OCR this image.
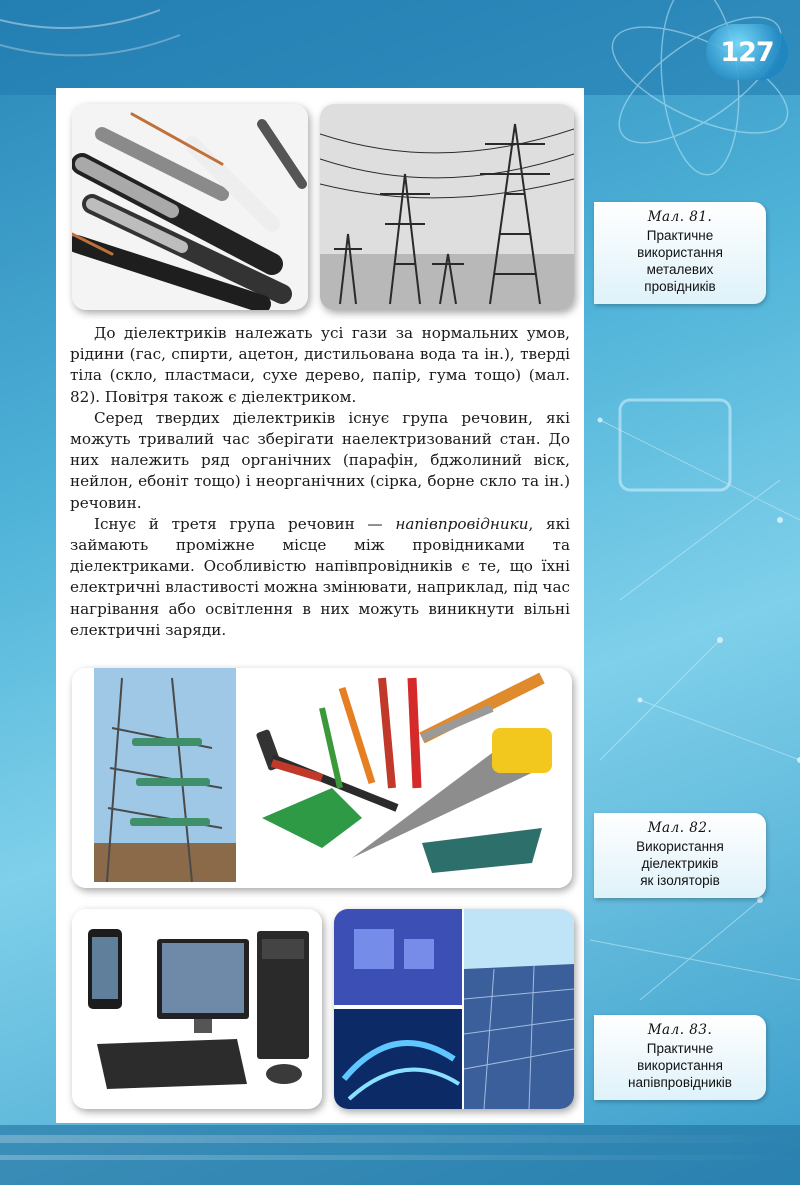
127

До діелектриків належать усі гази за нормальних умов, рідини (гас, спирти, ацетон, дистильована вода та ін.), тверді тіла (скло, пластмаси, сухе дерево, папір, гума тощо) (мал. 82). Повітря також є діелектриком.

Серед твердих діелектриків існує група речовин, які можуть тривалий час зберігати наелектризований стан. До них належить ряд органічних (парафін, бджолиний віск, нейлон, ебоніт тощо) і неорганічних (сірка, борне скло та ін.) речовин.

Існує й третя група речовин — напівпровідники, які займають проміжне місце між провідниками та діелектриками. Особливістю напівпровідників є те, що їхні електричні властивості можна змінювати, наприклад, під час нагрівання або освітлення в них можуть виникнути вільні електричні заряди.

Мал. 81.
Практичне
використання
металевих
провідників
Мал. 82.
Використання
діелектриків
як ізоляторів
Мал. 83.
Практичне
використання
напівпровідників
